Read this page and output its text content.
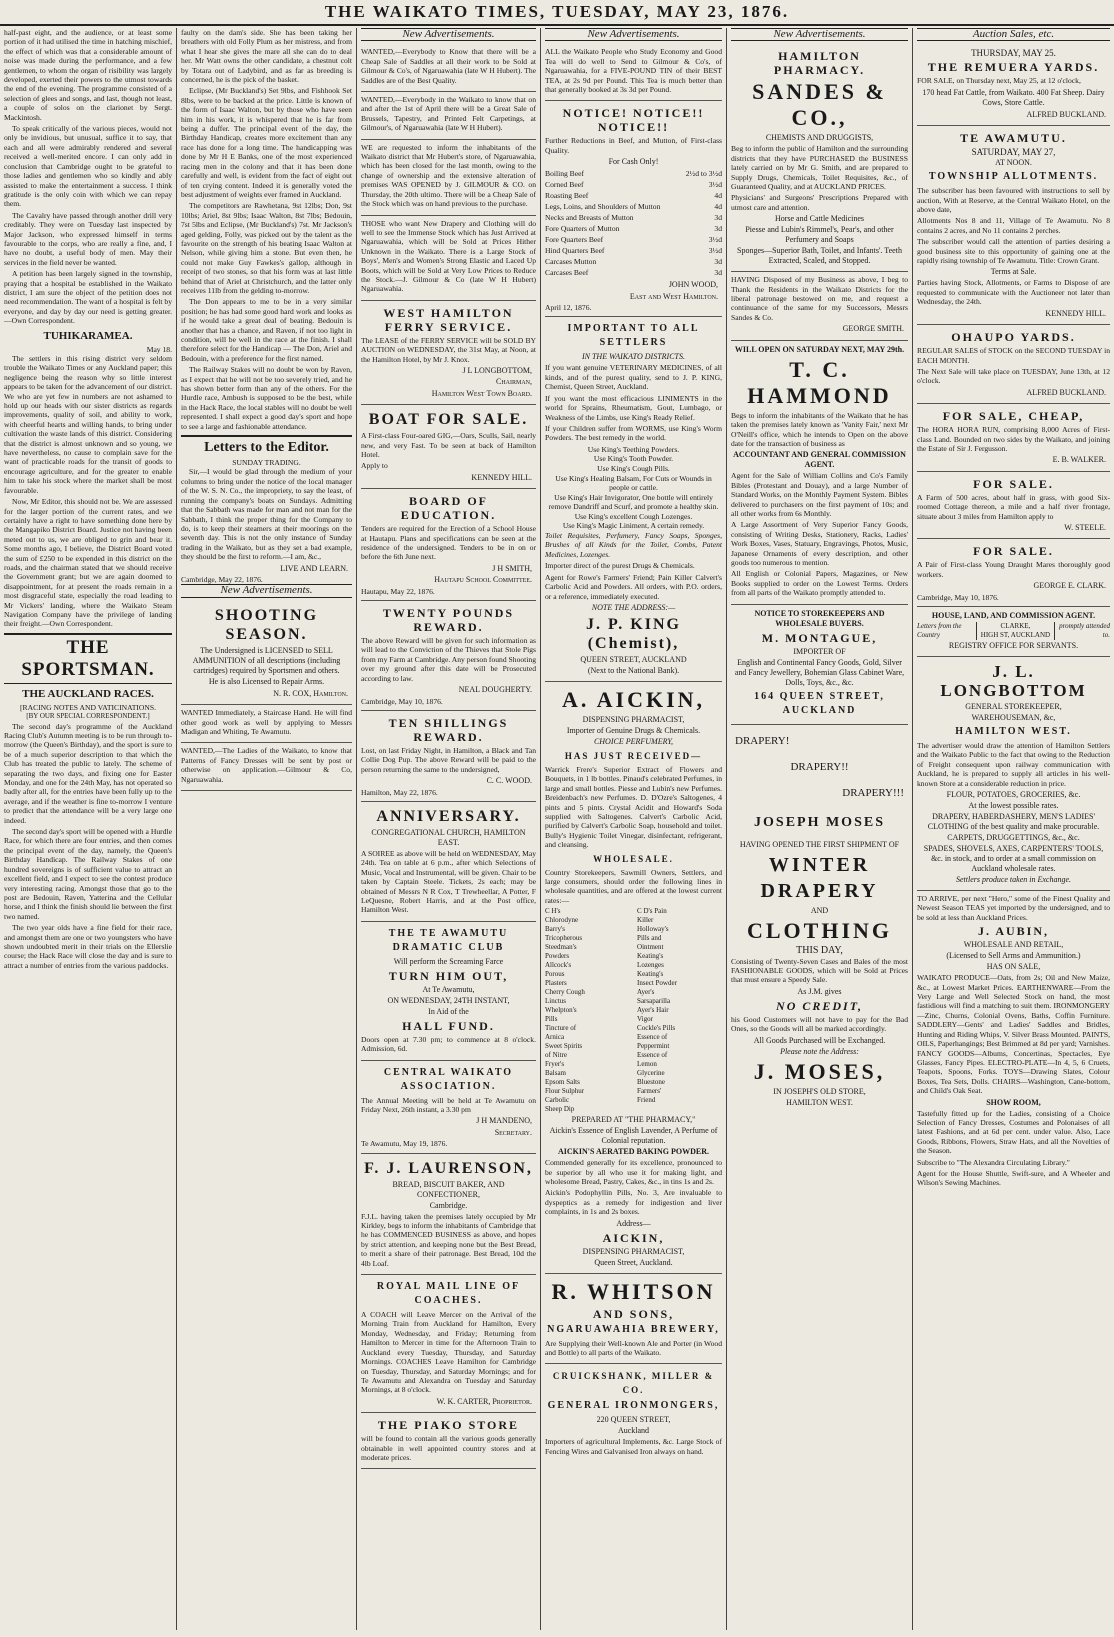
THE WAIKATO TIMES, TUESDAY, MAY 23, 1876.

half-past eight, and the audience, or at least some portion of it had utilised the time in hatching mischief, the effect of which was that a considerable amount of noise was made during the performance, and a few gentlemen, to whom the organ of risibility was largely developed, exerted their powers to the utmost towards the end of the evening. The programme consisted of a selection of glees and songs, and last, though not least, a couple of solos on the clarionet by Sergt. Mackintosh.

To speak critically of the various pieces, would not only be invidious, but unusual, suffice it to say, that each and all were admirably rendered and several received a well-merited encore. I can only add in conclusion that Cambridge ought to be grateful to those ladies and gentlemen who so kindly and ably assisted to make the entertainment a success. I think gratitude is the only coin with which we can repay them.

The Cavalry have passed through another drill very creditably. They were on Tuesday last inspected by Major Jackson, who expressed himself in terms favourable to the corps, who are really a fine, and, I have no doubt, a useful body of men. May their services in the field never be wanted.

A petition has been largely signed in the township, praying that a hospital be established in the Waikato district, I am sure the object of the petition does not need recommendation. The want of a hospital is felt by everyone, and day by day our need is getting greater.—Own Correspondent.

TUHIKARAMEA.
May 18.

The settlers in this rising district very seldom trouble the Waikato Times or any Auckland paper; this negligence being the reason why so little interest appears to be taken for the advancement of our district. We who are yet few in numbers are not ashamed to hold up our heads with our sister districts as regards improvements, quality of soil, and ability to work, with cheerful hearts and willing hands, to bring under cultivation the waste lands of this district. Considering that the district is almost unknown and so young, we have nevertheless, no cause to complain save for the want of practicable roads for the transit of goods to encourage agriculture, and for the greater to enable him to take his stock where the market shall be most favourable.

Now, Mr Editor, this should not be. We are assessed for the larger portion of the current rates, and we certainly have a right to have something done here by the Mangapiko District Board. Justice not having been meted out to us, we are obliged to grin and bear it. Some months ago, I believe, the District Board voted the sum of £250 to be expended in this district on the roads, and the chairman stated that we should receive the Government grant; but we are again doomed to disappointment, for at present the roads remain in a most disgraceful state, especially the road leading to Mr Vickers' landing, where the Waikato Steam Navigation Company have the privilege of landing their freight.—Own Correspondent.

THE SPORTSMAN.
THE AUCKLAND RACES.
[RACING NOTES AND VATICINATIONS.
[BY OUR SPECIAL CORRESPONDENT.]

The second day's programme of the Auckland Racing Club's Autumn meeting is to be run through to-morrow (the Queen's Birthday), and the sport is sure to be of a much superior description to that which the Club has treated the public to lately. The scheme of separating the two days, and fixing one for Easter Monday, and one for the 24th May, has not operated so badly after all, for the entries have been fully up to the average, and if the weather is fine to-morrow I venture to predict that the attendance will be a very large one indeed.

The second day's sport will be opened with a Hurdle Race, for which there are four entries, and then comes the principal event of the day, namely, the Queen's Birthday Handicap. The Railway Stakes of one hundred sovereigns is of sufficient value to attract an excellent field, and I expect to see the contest produce very interesting racing. Amongst those that go to the post are Bedouin, Raven, Yatterina and the Cellular horse, and I think the finish should lie between the first two named.

The two year olds have a fine field for their race, and amongst them are one or two youngsters who have shown undoubted merit in their trials on the Ellerslie course; the Hack Race will close the day and is sure to attract a number of entries from the various paddocks.

faulty on the dam's side. She has been taking her breathers with old Folly Plum as her mistress, and from what I hear she gives the mare all she can do to deal her. Mr Watt owns the other candidate, a chestnut colt by Totara out of Ladybird, and as far as breeding is concerned, he is the pick of the basket.

Eclipse, (Mr Buckland's) Set 9lbs, and Fishhook Set 8lbs, were to be backed at the price. Little is known of the form of Isaac Walton, but by those who have seen him in his work, it is whispered that he is far from being a duffer. The principal event of the day, the Birthday Handicap, creates more excitement than any race has done for a long time. The handicapping was done by Mr H E Banks, one of the most experienced racing men in the colony and that it has been done carefully and well, is evident from the fact of eight out of ten crying content. Indeed it is generally voted the best adjustment of weights ever framed in Auckland.

The competitors are Rawhetana, 9st 12lbs; Don, 9st 10lbs; Ariel, 8st 9lbs; Isaac Walton, 8st 7lbs; Bedouin, 7st 5lbs and Eclipse, (Mr Buckland's) 7st. Mr Jackson's aged gelding, Folly, was picked out by the talent as the favourite on the strength of his beating Isaac Walton at Nelson, while giving him a stone. But even then, he could not make Guy Fawkes's gallop, although in receipt of two stones, so that his form was at last little behind that of Ariel at Christchurch, and the latter only receives 11lb from the gelding to-morrow.

The Don appears to me to be in a very similar position; he has had some good hard work and looks as if he would take a great deal of beating. Bedouin is another that has a chance, and Raven, if not too light in condition, will be well in the race at the finish. I shall therefore select for the Handicap — The Don, Ariel and Bedouin, with a preference for the first named.

The Railway Stakes will no doubt be won by Raven, as I expect that he will not be too severely tried, and he has shown better form than any of the others. For the Hurdle race, Ambush is supposed to be the best, while in the Hack Race, the local stables will no doubt be well represented. I shall expect a good day's sport and hope to see a large and fashionable attendance.

Letters to the Editor.
SUNDAY TRADING.

Sir,—I would be glad through the medium of your columns to bring under the notice of the local manager of the W. S. N. Co., the impropriety, to say the least, of running the company's boats on Sundays. Admitting that the Sabbath was made for man and not man for the Sabbath, I think the proper thing for the Company to do, is to keep their steamers at their moorings on the seventh day. This is not the only instance of Sunday trading in the Waikato, but as they set a bad example, they should be the first to reform.—I am, &c.,

LIVE AND LEARN.
Cambridge, May 22, 1876.
New Advertisements.
SHOOTING SEASON.
The Undersigned is LICENSED to SELL AMMUNITION of all descriptions (including cartridges) required by Sportsmen and others.
He is also Licensed to Repair Arms.
N. R. COX, Hamilton.

WANTED Immediately, a Staircase Hand. He will find other good work as well by applying to Messrs Madigan and Whiting, Te Awamutu.

WANTED,—The Ladies of the Waikato, to know that Patterns of Fancy Dresses will be sent by post or otherwise on application.—Gilmour & Co, Ngaruawahia.

New Advertisements.

WANTED,—Everybody to Know that there will be a Cheap Sale of Saddles at all their work to be Sold at Gilmour & Co's, of Ngaruawahia (late W H Hubert). The Saddles are of the Best Quality.

WANTED,—Everybody in the Waikato to know that on and after the 1st of April there will be a Great Sale of Brussels, Tapestry, and Printed Felt Carpetings, at Gilmour's, of Ngaruawahia (late W H Hubert).

WE are requested to inform the inhabitants of the Waikato district that Mr Hubert's store, of Ngaruawahia, which has been closed for the last month, owing to the change of ownership and the extensive alteration of premises WAS OPENED by J. GILMOUR & CO. on Thursday, the 20th ultimo. There will be a Cheap Sale of the Stock which was on hand previous to the purchase.

THOSE who want New Drapery and Clothing will do well to see the Immense Stock which has Just Arrived at Ngaruawahia, which will be Sold at Prices Hither Unknown in the Waikato. There is a Large Stock of Boys', Men's and Women's Strong Elastic and Laced Up Boots, which will be Sold at Very Low Prices to Reduce the Stock.—J. Gilmour & Co (late W H Hubert) Ngaruawahia.

WEST HAMILTON FERRY SERVICE.

The LEASE of the FERRY SERVICE will be SOLD BY AUCTION on WEDNESDAY, the 31st May, at Noon, at the Hamilton Hotel, by Mr J. Knox.

J L LONGBOTTOM,
Chairman,
Hamilton West Town Board.
BOAT FOR SALE.

A First-class Four-oared GIG,—Oars, Sculls, Sail, nearly new, and very Fast. To be seen at back of Hamilton Hotel.

Apply to
KENNEDY HILL.
BOARD OF EDUCATION.

Tenders are required for the Erection of a School House at Hautapu. Plans and specifications can be seen at the residence of the undersigned. Tenders to be in on or before the 6th June next.

J H SMITH,
Hautapu School Committee.
Hautapu, May 22, 1876.
TWENTY POUNDS REWARD.

The above Reward will be given for such information as will lead to the Conviction of the Thieves that Stole Pigs from my Farm at Cambridge. Any person found Shooting over my ground after this date will be Prosecuted according to law.

NEAL DOUGHERTY.
Cambridge, May 10, 1876.
TEN SHILLINGS REWARD.

Lost, on last Friday Night, in Hamilton, a Black and Tan Collie Dog Pup. The above Reward will be paid to the person returning the same to the undersigned,

C. C. WOOD.
Hamilton, May 22, 1876.
ANNIVERSARY.
CONGREGATIONAL CHURCH, HAMILTON EAST.

A SOIREE as above will be held on WEDNESDAY, May 24th. Tea on table at 6 p.m., after which Selections of Music, Vocal and Instrumental, will be given. Chair to be taken by Captain Steele. Tickets, 2s each; may be obtained of Messrs N R Cox, T Trewheellar, A Potter, F LeQuesne, Robert Harris, and at the Post office, Hamilton West.

THE TE AWAMUTU DRAMATIC CLUB
Will perform the Screaming Farce
TURN HIM OUT,
At Te Awamutu,
ON WEDNESDAY, 24TH INSTANT,
In Aid of the
HALL FUND.

Doors open at 7.30 pm; to commence at 8 o'clock. Admission, 6d.

CENTRAL WAIKATO ASSOCIATION.

The Annual Meeting will be held at Te Awamutu on Friday Next, 26th instant, a 3.30 pm

J H MANDENO,
Secretary.
Te Awamutu, May 19, 1876.
F. J. LAURENSON,
BREAD, BISCUIT BAKER, AND CONFECTIONER,
Cambridge.

F.J.L. having taken the premises lately occupied by Mr Kirkley, begs to inform the inhabitants of Cambridge that he has COMMENCED BUSINESS as above, and hopes by strict attention, and keeping none but the Best Bread, to merit a share of their patronage. Best Bread, 10d the 4lb Loaf.

ROYAL MAIL LINE OF COACHES.

A COACH will Leave Mercer on the Arrival of the Morning Train from Auckland for Hamilton, Every Monday, Wednesday, and Friday; Returning from Hamilton to Mercer in time for the Afternoon Train to Auckland every Tuesday, Thursday, and Saturday Mornings. COACHES Leave Hamilton for Cambridge on Tuesday, Thursday, and Saturday Mornings; and for Te Awamutu and Alexandra on Tuesday and Saturday Mornings, at 8 o'clock.

W. K. CARTER, Proprietor.
THE PIAKO STORE

will be found to contain all the various goods generally obtainable in well appointed country stores and at moderate prices.

New Advertisements.

ALL the Waikato People who Study Economy and Good Tea will do well to Send to Gilmour & Co's, of Ngaruawahia, for a FIVE-POUND TIN of their BEST TEA, at 2s 9d per Pound. This Tea is much better than that generally booked at 3s 3d per Pound.

NOTICE! NOTICE!! NOTICE!!

Further Reductions in Beef, and Mutton, of First-class Quality.

For Cash Only!
Boiling Beef	2½d to 3½d
Corned Beef	3½d
Roasting Beef	4d
Legs, Loins, and Shoulders of Mutton	4d
Necks and Breasts of Mutton	3d
Fore Quarters of Mutton	3d
Fore Quarters Beef	3½d
Hind Quarters Beef	3½d
Carcases Mutton	3d
Carcases Beef	3d
JOHN WOOD,
East and West Hamilton.
April 12, 1876.
IMPORTANT TO ALL SETTLERS
IN THE WAIKATO DISTRICTS.

If you want genuine VETERINARY MEDICINES, of all kinds, and of the purest quality, send to J. P. KING, Chemist, Queen Street, Auckland.

If you want the most efficacious LINIMENTS in the world for Sprains, Rheumatism, Gout, Lumbago, or Weakness of the Limbs, use King's Ready Relief.

If your Children suffer from WORMS, use King's Worm Powders. The best remedy in the world.

Use King's Teething Powders.
Use King's Tooth Powder.
Use King's Cough Pills.
Use King's Healing Balsam, For Cuts or Wounds in people or cattle.
Use King's Hair Invigorator, One bottle will entirely remove Dandriff and Scurf, and promote a healthy skin.
Use King's excellent Cough Lozenges.
Use King's Magic Liniment, A certain remedy.

Toilet Requisites, Perfumery, Fancy Soaps, Sponges, Brushes of all Kinds for the Toilet, Combs, Patent Medicines, Lozenges.

Importer direct of the purest Drugs & Chemicals.

Agent for Rowe's Farmers' Friend; Pain Killer Calvert's Carbolic Acid and Powders. All orders, with P.O. orders, or a reference, immediately executed.

NOTE THE ADDRESS:—
J. P. KING (Chemist),
QUEEN STREET, AUCKLAND
(Next to the National Bank).
A. AICKIN,
DISPENSING PHARMACIST,
Importer of Genuine Drugs & Chemicals.
CHOICE PERFUMERY,
HAS JUST RECEIVED—

Warrick Frere's Superior Extract of Flowers and Bouquets, in 1 lb bottles. Pinaud's celebrated Perfumes, in large and small bottles. Piesse and Lubin's new Perfumes. Breidenbach's new Perfumes. D. D'Ozre's Saltogenes, 4 pints and 5 pints. Crystal Acidit and Howard's Soda supplied with Saltogenes. Calvert's Carbolic Acid, purified by Calvert's Carbolic Soap, household and toilet. Bully's Hygienic Toilet Vinegar, disinfectant, refrigerant, and cleansing.

WHOLESALE.

Country Storekeepers, Sawmill Owners, Settlers, and large consumers, should order the following lines in wholesale quantities, and are offered at the lowest current rates:—

C H's Chlorodyne
Barry's Tricopherous
Steedman's Powders
Allcock's Porous Plasters
Cherry Cough Linctus
Whelpton's Pills
Tincture of Arnica
Sweet Spirits of Nitre
Fryer's Balsam
Epsom Salts
Flour Sulphur
Carbolic Sheep Dip
C D's Pain Killer
Holloway's Pills and Ointment
Keating's Lozenges
Keating's Insect Powder
Ayer's Sarsaparilla
Ayer's Hair Vigor
Cockle's Pills
Essence of Peppermint
Essence of Lemon
Glycerine
Bluestone
Farmers' Friend
PREPARED AT "THE PHARMACY,"
Aickin's Essence of English Lavender, A Perfume of Colonial reputation.
AICKIN'S AERATED BAKING POWDER.

Commended generally for its excellence, pronounced to be superior by all who use it for making light, and wholesome Bread, Pastry, Cakes, &c., in tins 1s and 2s.

Aickin's Podophyllin Pills, No. 3, Are invaluable to dyspeptics as a remedy for indigestion and liver complaints, in 1s and 2s boxes.

Address—
AICKIN,
DISPENSING PHARMACIST,
Queen Street, Auckland.
R. WHITSON
AND SONS,
NGARUAWAHIA BREWERY,

Are Supplying their Well-known Ale and Porter (in Wood and Bottle) to all parts of the Waikato.

CRUICKSHANK, MILLER & CO.
GENERAL IRONMONGERS,
220 QUEEN STREET,
Auckland

Importers of agricultural Implements, &c. Large Stock of Fencing Wires and Galvanised Iron always on hand.

New Advertisements.
HAMILTON PHARMACY.
SANDES & CO.,
CHEMISTS AND DRUGGISTS,

Beg to inform the public of Hamilton and the surrounding districts that they have PURCHASED the BUSINESS lately carried on by Mr G. Smith, and are prepared to Supply Drugs, Chemicals, Toilet Requisites, &c., of Guaranteed Quality, and at AUCKLAND PRICES.

Physicians' and Surgeons' Prescriptions Prepared with utmost care and attention.

Horse and Cattle Medicines
Piesse and Lubin's Rimmel's, Pear's, and other Perfumery and Soaps
Sponges—Superior Bath, Toilet, and Infants'. Teeth Extracted, Scaled, and Stopped.

HAVING Disposed of my Business as above, I beg to Thank the Residents in the Waikato Districts for the liberal patronage bestowed on me, and request a continuance of the same for my Successors, Messrs Sandes & Co.

GEORGE SMITH.
WILL OPEN ON SATURDAY NEXT, MAY 29th.
T. C. HAMMOND

Begs to inform the inhabitants of the Waikato that he has taken the premises lately known as 'Vanity Fair,' next Mr O'Neill's office, which he intends to Open on the above date for the transaction of business as

ACCOUNTANT AND GENERAL COMMISSION AGENT.

Agent for the Sale of William Collins and Co's Family Bibles (Protestant and Douay), and a large Number of Standard Works, on the Monthly Payment System. Bibles delivered to purchasers on the first payment of 10s; and all other works from 6s Monthly.

A Large Assortment of Very Superior Fancy Goods, consisting of Writing Desks, Stationery, Racks, Ladies' Work Boxes, Vases, Statuary, Engravings, Photos, Music, Japanese Ornaments of every description, and other goods too numerous to mention.

All English or Colonial Papers, Magazines, or New Books supplied to order on the Lowest Terms. Orders from all parts of the Waikato promptly attended to.

NOTICE TO STOREKEEPERS AND WHOLESALE BUYERS.
M. MONTAGUE,
IMPORTER OF
English and Continental Fancy Goods, Gold, Silver and Fancy Jewellery, Bohemian Glass Cabinet Ware, Dolls, Toys, &c., &c.
164 QUEEN STREET, AUCKLAND
DRAPERY!
DRAPERY!!
DRAPERY!!!
JOSEPH MOSES
HAVING OPENED THE FIRST SHIPMENT OF
WINTER DRAPERY
AND
CLOTHING
THIS DAY,

Consisting of Twenty-Seven Cases and Bales of the most FASHIONABLE GOODS, which will be Sold at Prices that must ensure a Speedy Sale.

As J.M. gives
NO CREDIT,

his Good Customers will not have to pay for the Bad Ones, so the Goods will all be marked accordingly.

All Goods Purchased will be Exchanged.
Please note the Address:
J. MOSES,
IN JOSEPH'S OLD STORE,
HAMILTON WEST.
Auction Sales, etc.
THURSDAY, MAY 25.
THE REMUERA YARDS.

FOR SALE, on Thursday next, May 25, at 12 o'clock,

170 head Fat Cattle, from Waikato. 400 Fat Sheep. Dairy Cows, Store Cattle.
ALFRED BUCKLAND.
TE AWAMUTU.
SATURDAY, MAY 27,
AT NOON.
TOWNSHIP ALLOTMENTS.

The subscriber has been favoured with instructions to sell by auction, With at Reserve, at the Central Waikato Hotel, on the above date,

Allotments Nos 8 and 11, Village of Te Awamutu. No 8 contains 2 acres, and No 11 contains 2 perches.

The subscriber would call the attention of parties desiring a good business site to this opportunity of gaining one at the rapidly rising township of Te Awamutu. Title: Crown Grant.

Terms at Sale.

Parties having Stock, Allotments, or Farms to Dispose of are requested to communicate with the Auctioneer not later than Wednesday, the 24th.

KENNEDY HILL.
OHAUPO YARDS.

REGULAR SALES of STOCK on the SECOND TUESDAY in EACH MONTH.

The Next Sale will take place on TUESDAY, June 13th, at 12 o'clock.

ALFRED BUCKLAND.
FOR SALE, CHEAP,

The HORA HORA RUN, comprising 8,000 Acres of First-class Land. Bounded on two sides by the Waikato, and joining the Estate of Sir J. Fergusson.

E. B. WALKER.
FOR SALE.

A Farm of 500 acres, about half in grass, with good Six-roomed Cottage thereon, a mile and a half river frontage, situate about 3 miles from Hamilton apply to

W. STEELE.
FOR SALE.

A Pair of First-class Young Draught Mares thoroughly good workers.

GEORGE E. CLARK.
Cambridge, May 10, 1876.
HOUSE, LAND, AND COMMISSION AGENT.
Letters from the Country
CLARKE,
HIGH ST, AUCKLAND
promptly attended to.
REGISTRY OFFICE FOR SERVANTS.
J. L. LONGBOTTOM
GENERAL STOREKEEPER,
WAREHOUSEMAN, &c,
HAMILTON WEST.

The advertiser would draw the attention of Hamilton Settlers and the Waikato Public to the fact that owing to the Reduction of Freight consequent upon railway communication with Auckland, he is prepared to supply all articles in his well-known Store at a considerable reduction in price.

FLOUR, POTATOES, GROCERIES, &c.
At the lowest possible rates.
DRAPERY, HABERDASHERY, MEN'S LADIES' CLOTHING of the best quality and make procurable.
CARPETS, DRUGGETTINGS, &c., &c.
SPADES, SHOVELS, AXES, CARPENTERS' TOOLS, &c. in stock, and to order at a small commission on Auckland wholesale rates.
Settlers produce taken in Exchange.

TO ARRIVE, per next "Hero," some of the Finest Quality and Newest Season TEAS yet imported by the undersigned, and to be sold at less than Auckland Prices.

J. AUBIN,
WHOLESALE AND RETAIL,
(Licensed to Sell Arms and Ammunition.)
HAS ON SALE,

WAIKATO PRODUCE—Oats, from 2s; Oil and New Maize, &c., at Lowest Market Prices. EARTHENWARE—From the Very Large and Well Selected Stock on hand, the most fastidious will find a matching to suit them. IRONMONGERY—Zinc, Churns, Colonial Ovens, Baths, Coffin Furniture. SADDLERY—Gents' and Ladies' Saddles and Bridles, Hunting and Riding Whips, V. Silver Brass Mounted. PAINTS, OILS, Paperhangings; Best Brimmed at 8d per yard; Varnishes. FANCY GOODS—Albums, Concertinas, Spectacles, Eye Glasses, Fancy Pipes. ELECTRO-PLATE—In 4, 5, 6 Cruets, Teapots, Spoons, Forks. TOYS—Drawing Slates, Colour Boxes, Tea Sets, Dolls. CHAIRS—Washington, Cane-bottom, and Child's Oak Seat.

SHOW ROOM,

Tastefully fitted up for the Ladies, consisting of a Choice Selection of Fancy Dresses, Costumes and Polonaises of all latest Fashions, and at 6d per cent. under value. Also, Lace Goods, Ribbons, Flowers, Straw Hats, and all the Novelties of the Season.

Subscribe to "The Alexandra Circulating Library."

Agent for the House Shuttle, Swift-sure, and A Wheeler and Wilson's Sewing Machines.
